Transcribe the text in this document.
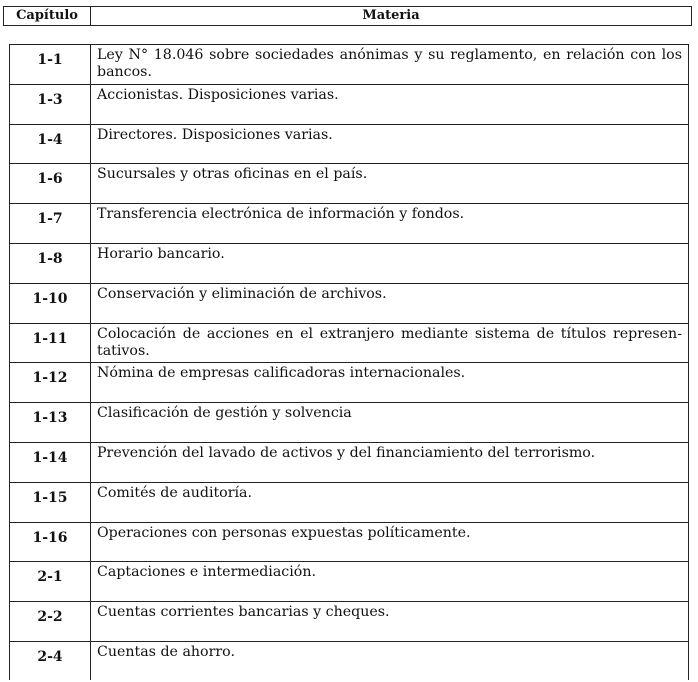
Capítulo	Materia
1-1	Ley N° 18.046 sobre sociedades anónimas y su reglamento, en relación con los bancos.
1-3	Accionistas. Disposiciones varias.
1-4	Directores. Disposiciones varias.
1-6	Sucursales y otras oficinas en el país.
1-7	Transferencia electrónica de información y fondos.
1-8	Horario bancario.
1-10	Conservación y eliminación de archivos.
1-11	Colocación de acciones en el extranjero mediante sistema de títulos represen-tativos.
1-12	Nómina de empresas calificadoras internacionales.
1-13	Clasificación de gestión y solvencia
1-14	Prevención del lavado de activos y del financiamiento del terrorismo.
1-15	Comités de auditoría.
1-16	Operaciones con personas expuestas políticamente.
2-1	Captaciones e intermediación.
2-2	Cuentas corrientes bancarias y cheques.
2-4	Cuentas de ahorro.
